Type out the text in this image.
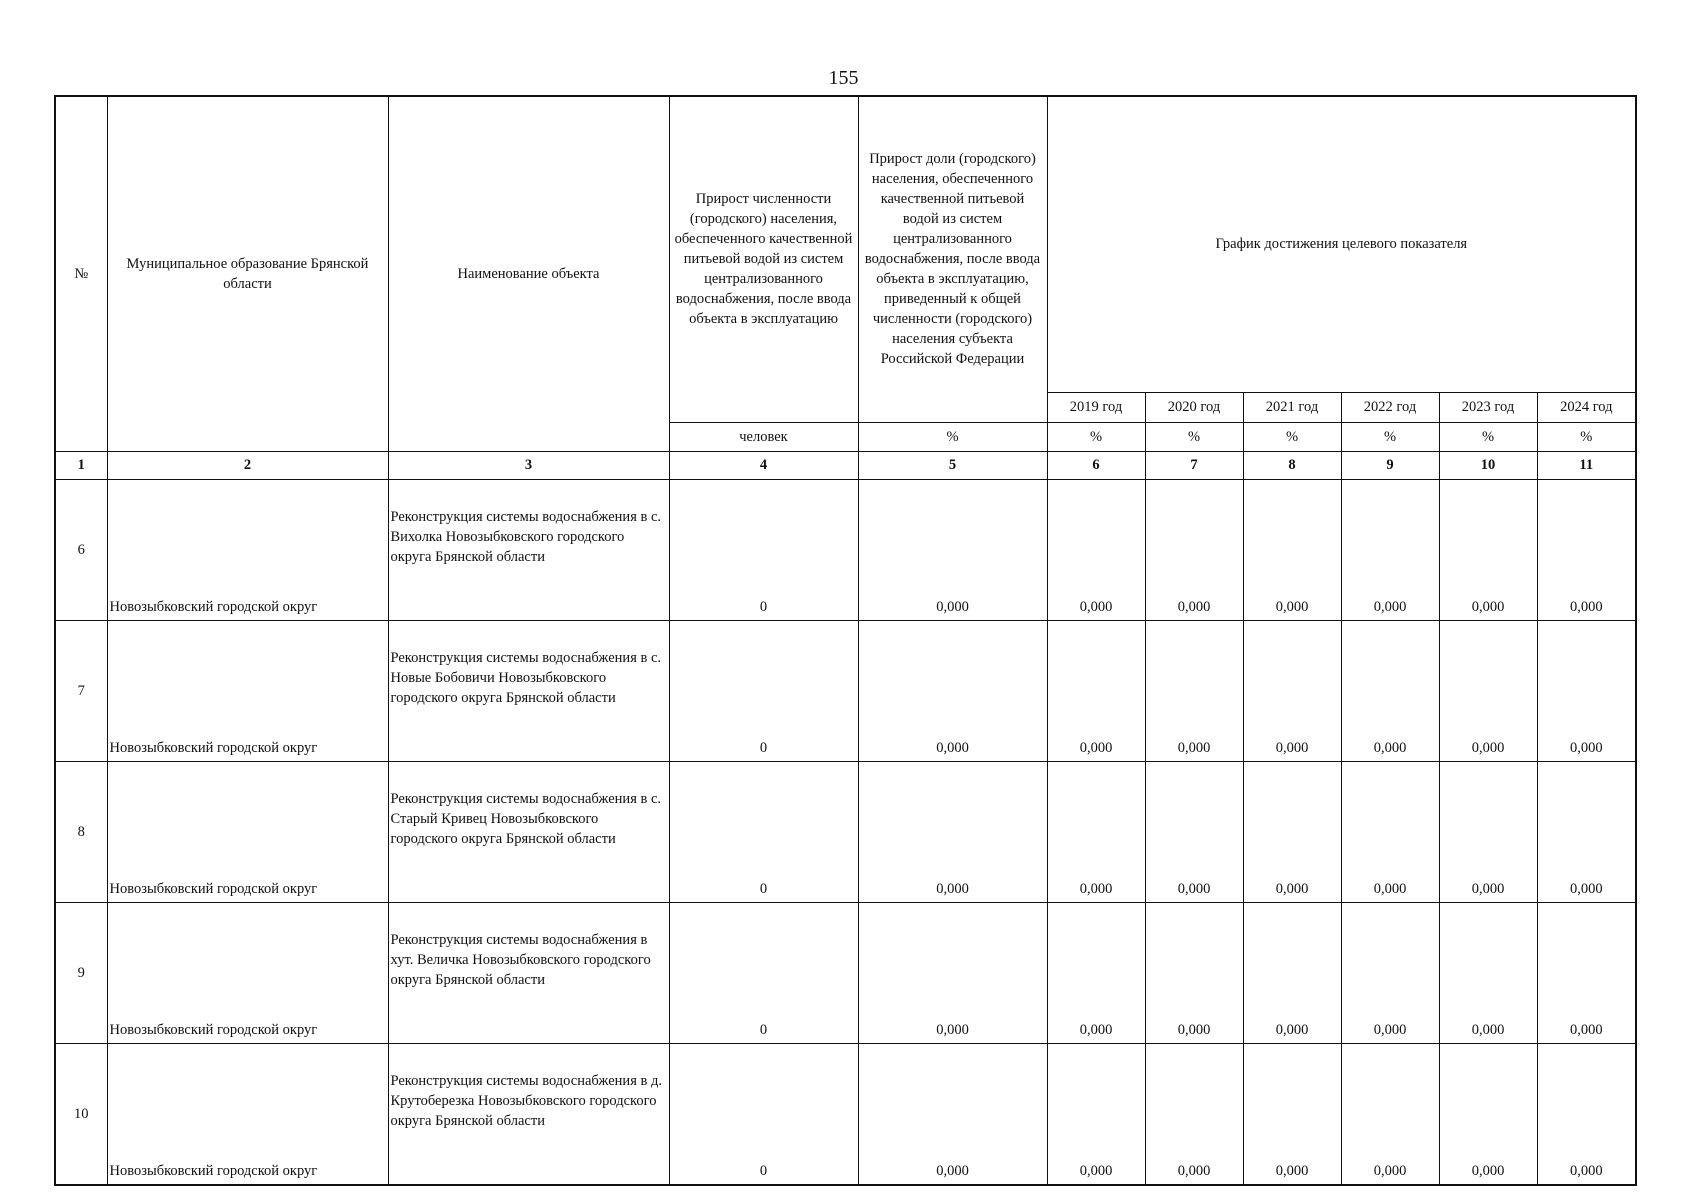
155
№	Муниципальное образование Брянской области	Наименование объекта	Прирост численности (городского) населения, обеспеченного качественной питьевой водой из систем централизованного водоснабжения, после ввода объекта в эксплуатацию	Прирост доли (городского) населения, обеспеченного качественной питьевой водой из систем централизованного водоснабжения, после ввода объекта в эксплуатацию, приведенный к общей численности (городского) населения субъекта Российской Федерации	График достижения целевого показателя					
					2019 год	2020 год	2021 год	2022 год	2023 год	2024 год
			человек	%	%	%	%	%	%	%
1	2	3	4	5	6	7	8	9	10	11
6	Новозыбковский городской округ	Реконструкция системы водоснабжения в с. Вихолка Новозыбковского городского округа Брянской области	0	0,000	0,000	0,000	0,000	0,000	0,000	0,000
7	Новозыбковский городской округ	Реконструкция системы водоснабжения в с. Новые Бобовичи Новозыбковского городского округа Брянской области	0	0,000	0,000	0,000	0,000	0,000	0,000	0,000
8	Новозыбковский городской округ	Реконструкция системы водоснабжения в с. Старый Кривец Новозыбковского городского округа Брянской области	0	0,000	0,000	0,000	0,000	0,000	0,000	0,000
9	Новозыбковский городской округ	Реконструкция системы водоснабжения в хут. Величка Новозыбковского городского округа Брянской области	0	0,000	0,000	0,000	0,000	0,000	0,000	0,000
10	Новозыбковский городской округ	Реконструкция системы водоснабжения в д. Крутоберезка Новозыбковского городского округа Брянской области	0	0,000	0,000	0,000	0,000	0,000	0,000	0,000
